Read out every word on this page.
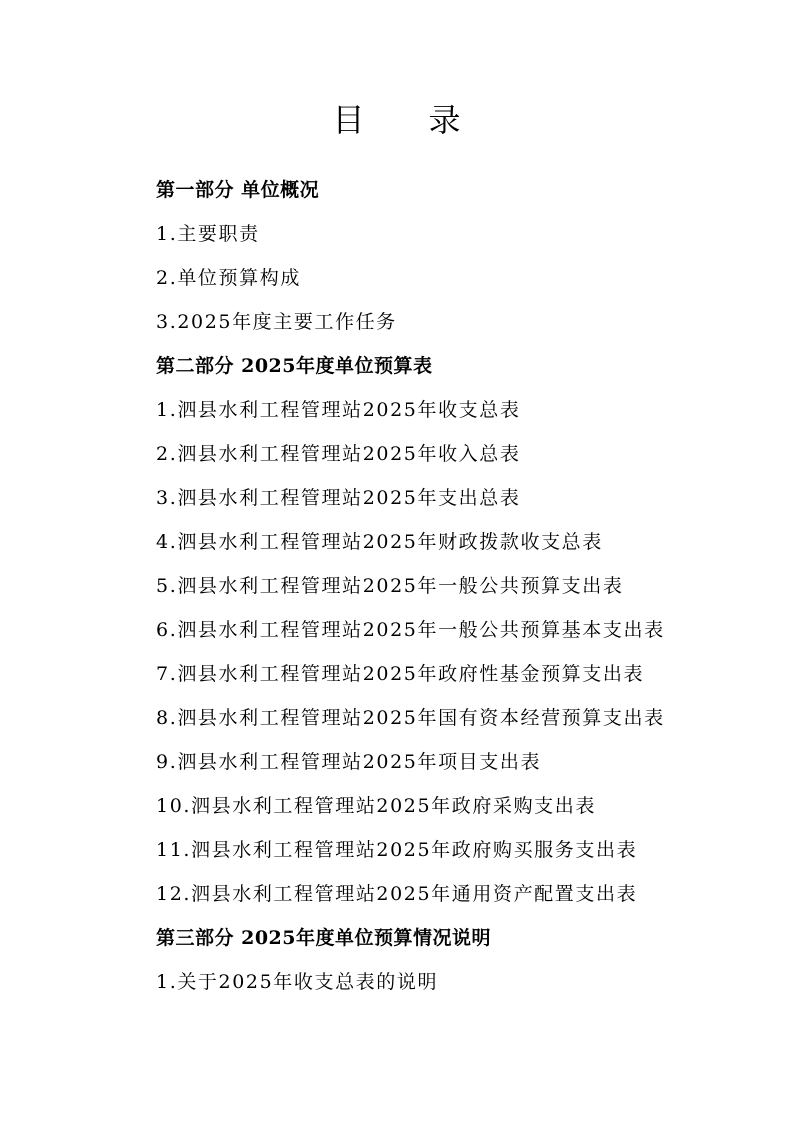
目 录
第一部分 单位概况
1.主要职责
2.单位预算构成
3.2025年度主要工作任务
第二部分 2025年度单位预算表
1.泗县水利工程管理站2025年收支总表
2.泗县水利工程管理站2025年收入总表
3.泗县水利工程管理站2025年支出总表
4.泗县水利工程管理站2025年财政拨款收支总表
5.泗县水利工程管理站2025年一般公共预算支出表
6.泗县水利工程管理站2025年一般公共预算基本支出表
7.泗县水利工程管理站2025年政府性基金预算支出表
8.泗县水利工程管理站2025年国有资本经营预算支出表
9.泗县水利工程管理站2025年项目支出表
10.泗县水利工程管理站2025年政府采购支出表
11.泗县水利工程管理站2025年政府购买服务支出表
12.泗县水利工程管理站2025年通用资产配置支出表
第三部分 2025年度单位预算情况说明
1.关于2025年收支总表的说明
